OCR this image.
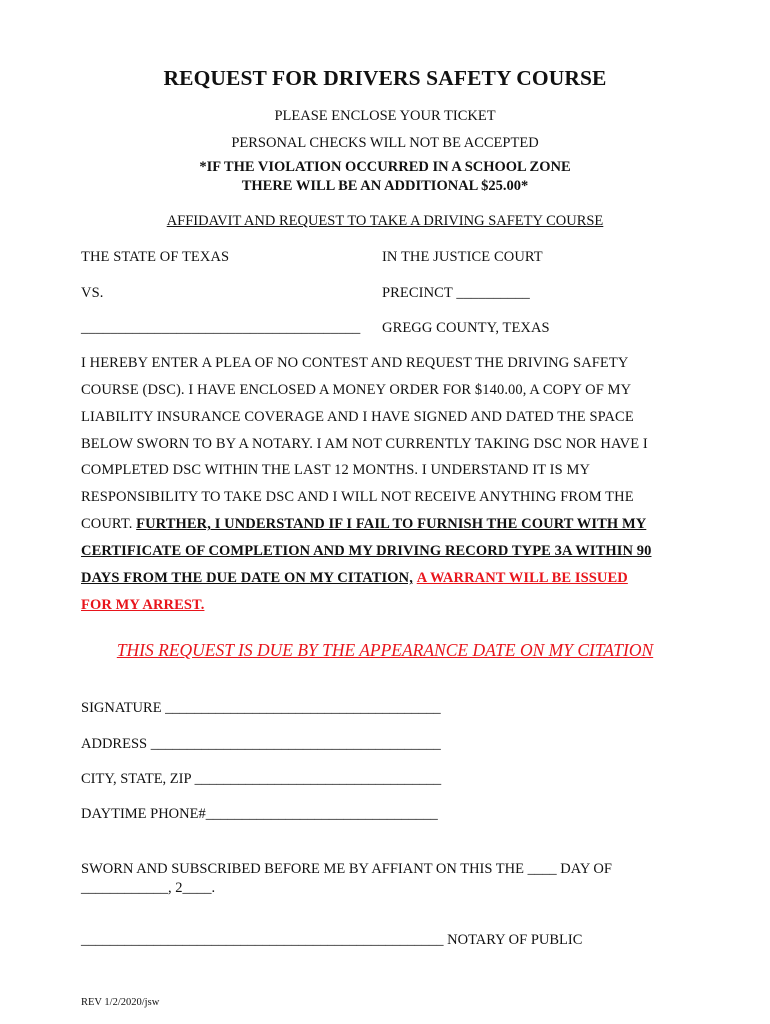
REQUEST FOR DRIVERS SAFETY COURSE
PLEASE ENCLOSE YOUR TICKET
PERSONAL CHECKS WILL NOT BE ACCEPTED
*IF THE VIOLATION OCCURRED IN A SCHOOL ZONE
THERE WILL BE AN ADDITIONAL $25.00*
AFFIDAVIT AND REQUEST TO TAKE A DRIVING SAFETY COURSE
THE STATE OF TEXAS	IN THE JUSTICE COURT
VS.	PRECINCT __________
______________________________________ GREGG COUNTY, TEXAS
I HEREBY ENTER A PLEA OF NO CONTEST AND REQUEST THE DRIVING SAFETY
COURSE (DSC). I HAVE ENCLOSED A MONEY ORDER FOR $140.00, A COPY OF MY
LIABILITY INSURANCE COVERAGE AND I HAVE SIGNED AND DATED THE SPACE
BELOW SWORN TO BY A NOTARY. I AM NOT CURRENTLY TAKING DSC NOR HAVE I
COMPLETED DSC WITHIN THE LAST 12 MONTHS. I UNDERSTAND IT IS MY
RESPONSIBILITY TO TAKE DSC AND I WILL NOT RECEIVE ANYTHING FROM THE
COURT. FURTHER, I UNDERSTAND IF I FAIL TO FURNISH THE COURT WITH MY
CERTIFICATE OF COMPLETION AND MY DRIVING RECORD TYPE 3A WITHIN 90
DAYS FROM THE DUE DATE ON MY CITATION, A WARRANT WILL BE ISSUED
FOR MY ARREST.
THIS REQUEST IS DUE BY THE APPEARANCE DATE ON MY CITATION
SIGNATURE ______________________________________
ADDRESS ________________________________________
CITY, STATE, ZIP __________________________________
DAYTIME PHONE#________________________________
SWORN AND SUBSCRIBED BEFORE ME BY AFFIANT ON THIS THE ____ DAY OF
____________, 2____.
__________________________________________________ NOTARY OF PUBLIC
REV 1/2/2020/jsw
